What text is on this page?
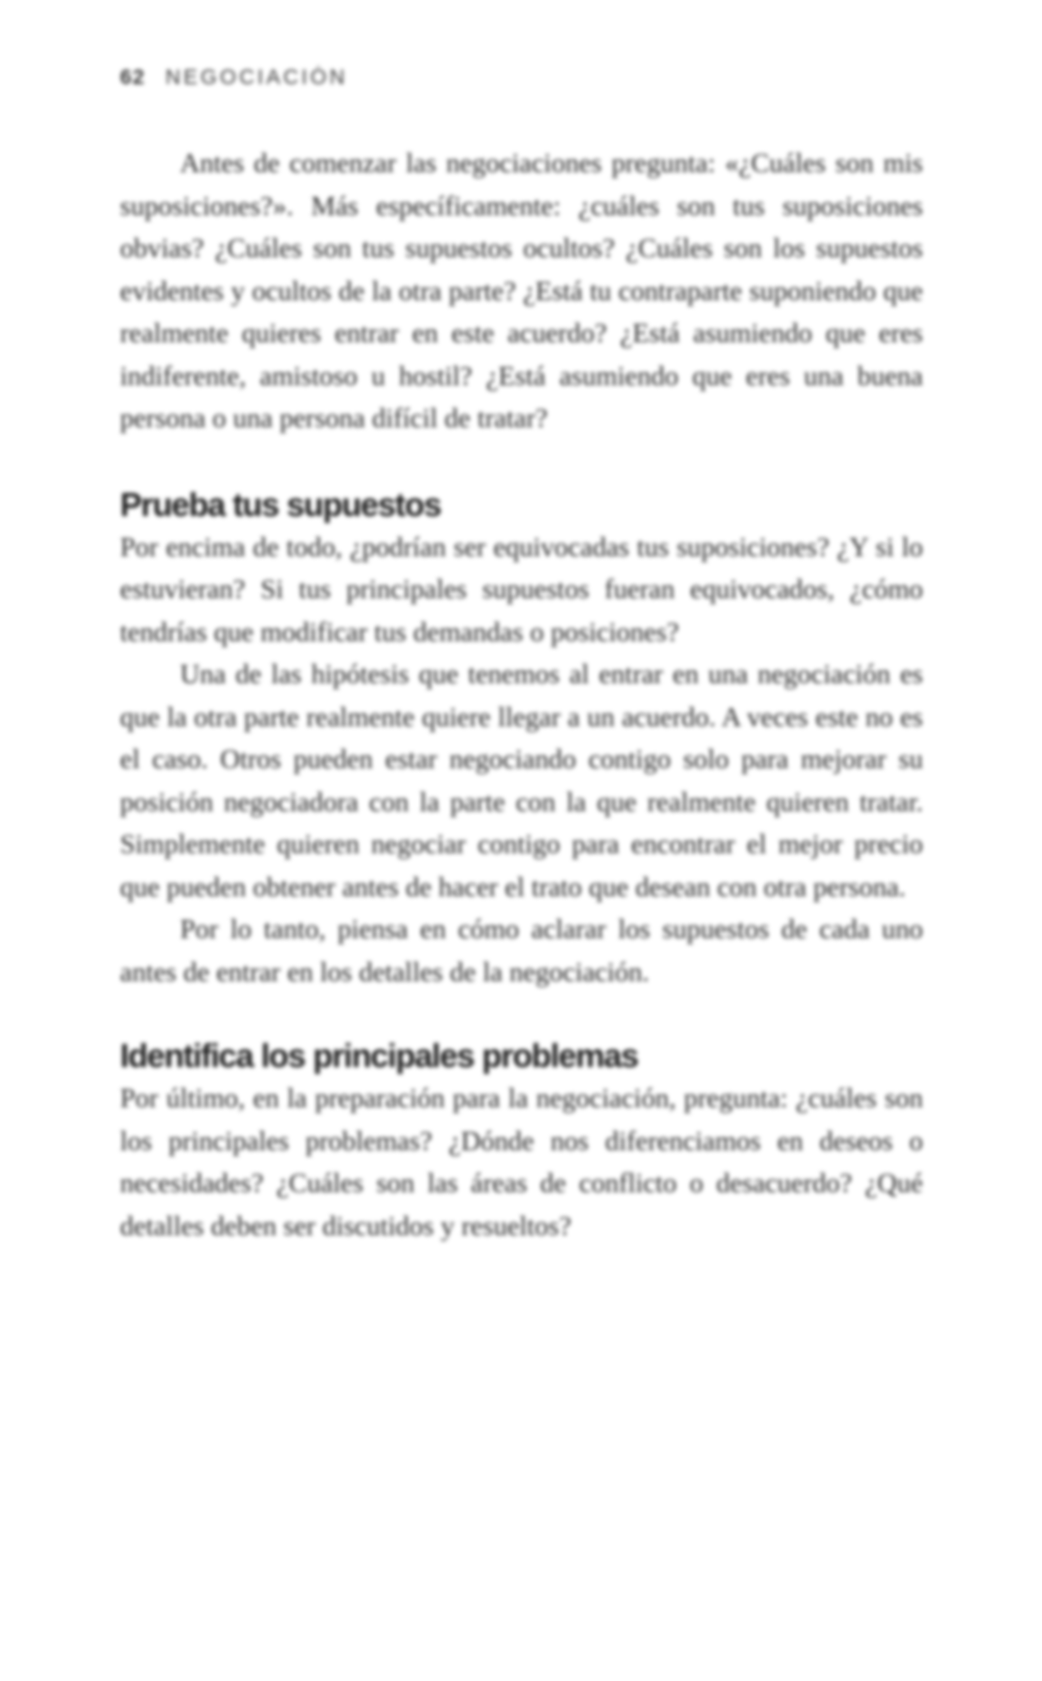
62 NEGOCIACIÓN

Antes de comenzar las negociaciones pregunta: «¿Cuáles son mis suposiciones?». Más específicamente: ¿cuáles son tus suposiciones obvias? ¿Cuáles son tus supuestos ocultos? ¿Cuáles son los supuestos evidentes y ocultos de la otra parte? ¿Está tu contraparte suponiendo que realmente quieres entrar en este acuerdo? ¿Está asumiendo que eres indiferente, amistoso u hostil? ¿Está asumiendo que eres una buena persona o una persona difícil de tratar?

Prueba tus supuestos

Por encima de todo, ¿podrían ser equivocadas tus suposiciones? ¿Y si lo estuvieran? Si tus principales supuestos fueran equivocados, ¿cómo tendrías que modificar tus demandas o posiciones?

Una de las hipótesis que tenemos al entrar en una negociación es que la otra parte realmente quiere llegar a un acuerdo. A veces este no es el caso. Otros pueden estar negociando contigo solo para mejorar su posición negociadora con la parte con la que realmente quieren tratar. Simplemente quieren negociar contigo para encontrar el mejor precio que pueden obtener antes de hacer el trato que desean con otra persona.

Por lo tanto, piensa en cómo aclarar los supuestos de cada uno antes de entrar en los detalles de la negociación.

Identifica los principales problemas

Por último, en la preparación para la negociación, pregunta: ¿cuáles son los principales problemas? ¿Dónde nos diferenciamos en deseos o necesidades? ¿Cuáles son las áreas de conflicto o desacuerdo? ¿Qué detalles deben ser discutidos y resueltos?
